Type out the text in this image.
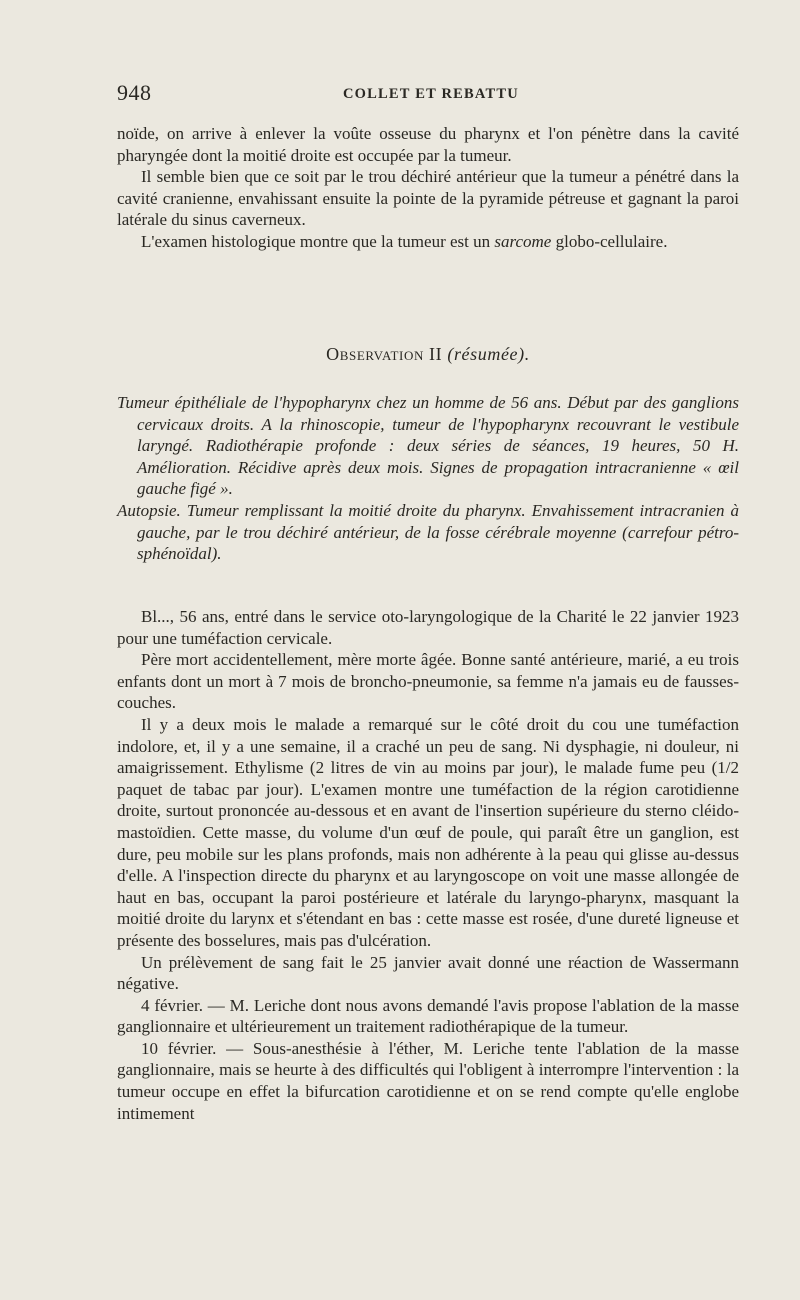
948	COLLET ET REBATTU

noïde, on arrive à enlever la voûte osseuse du pharynx et l'on pénètre dans la cavité pharyngée dont la moitié droite est occupée par la tumeur.

Il semble bien que ce soit par le trou déchiré antérieur que la tumeur a pénétré dans la cavité cranienne, envahissant ensuite la pointe de la pyramide pétreuse et gagnant la paroi latérale du sinus caverneux.

L'examen histologique montre que la tumeur est un sarcome globo-cellulaire.

Observation II (résumée).

Tumeur épithéliale de l'hypopharynx chez un homme de 56 ans. Début par des ganglions cervicaux droits. A la rhinoscopie, tumeur de l'hypopharynx recouvrant le vestibule laryngé. Radiothérapie profonde : deux séries de séances, 19 heures, 50 H. Amélioration. Récidive après deux mois. Signes de propagation intracranienne « œil gauche figé ».

Autopsie. Tumeur remplissant la moitié droite du pharynx. Envahissement intracranien à gauche, par le trou déchiré antérieur, de la fosse cérébrale moyenne (carrefour pétro-sphénoïdal).

Bl..., 56 ans, entré dans le service oto-laryngologique de la Charité le 22 janvier 1923 pour une tuméfaction cervicale.

Père mort accidentellement, mère morte âgée. Bonne santé antérieure, marié, a eu trois enfants dont un mort à 7 mois de broncho-pneumonie, sa femme n'a jamais eu de fausses-couches.

Il y a deux mois le malade a remarqué sur le côté droit du cou une tuméfaction indolore, et, il y a une semaine, il a craché un peu de sang. Ni dysphagie, ni douleur, ni amaigrissement. Ethylisme (2 litres de vin au moins par jour), le malade fume peu (1/2 paquet de tabac par jour). L'examen montre une tuméfaction de la région carotidienne droite, surtout prononcée au-dessous et en avant de l'insertion supérieure du sterno cléido-mastoïdien. Cette masse, du volume d'un œuf de poule, qui paraît être un ganglion, est dure, peu mobile sur les plans profonds, mais non adhérente à la peau qui glisse au-dessus d'elle. A l'inspection directe du pharynx et au laryngoscope on voit une masse allongée de haut en bas, occupant la paroi postérieure et latérale du laryngo-pharynx, masquant la moitié droite du larynx et s'étendant en bas : cette masse est rosée, d'une dureté ligneuse et présente des bosselures, mais pas d'ulcération.

Un prélèvement de sang fait le 25 janvier avait donné une réaction de Wassermann négative.

4 février. — M. Leriche dont nous avons demandé l'avis propose l'ablation de la masse ganglionnaire et ultérieurement un traitement radiothérapique de la tumeur.

10 février. — Sous-anesthésie à l'éther, M. Leriche tente l'ablation de la masse ganglionnaire, mais se heurte à des difficultés qui l'obligent à interrompre l'intervention : la tumeur occupe en effet la bifurcation carotidienne et on se rend compte qu'elle englobe intimement
